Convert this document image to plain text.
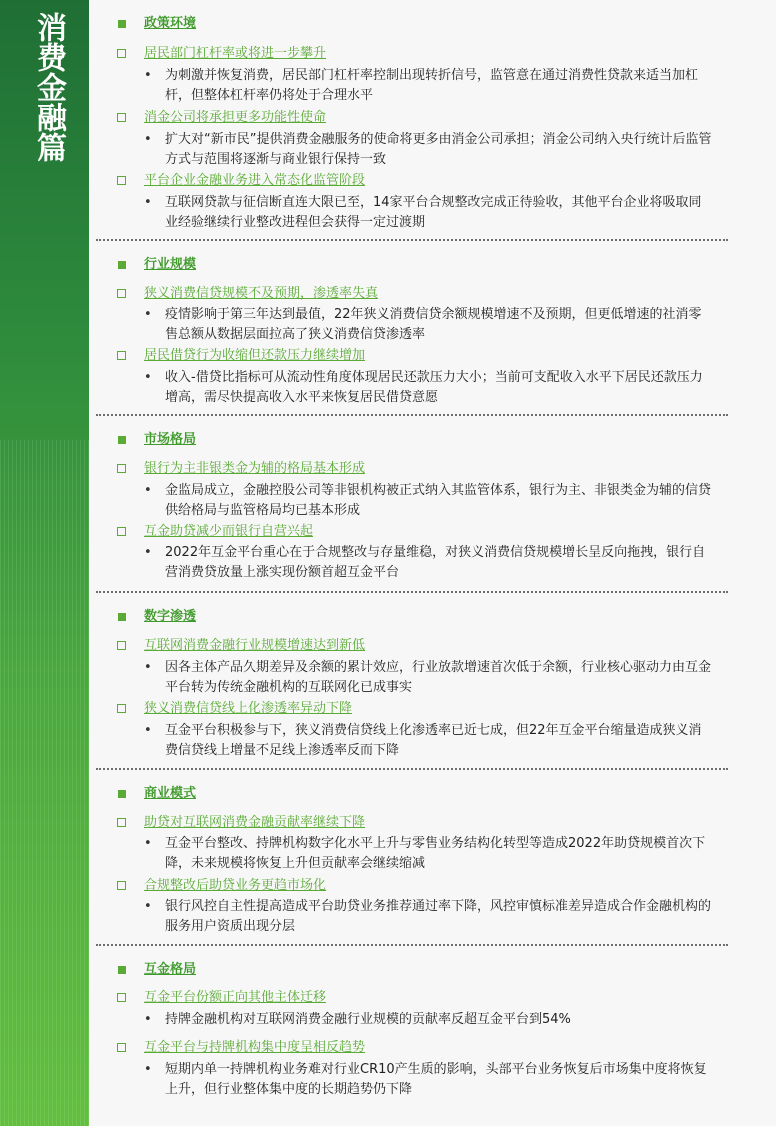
消费金融篇	政策环境
居民部门杠杆率或将进一步攀升
• 为刺激并恢复消费，居民部门杠杆率控制出现转折信号，监管意在通过消费性贷款来适当加杠杆，但整体杠杆率仍将处于合理水平
消金公司将承担更多功能性使命
• 扩大对“新市民”提供消费金融服务的使命将更多由消金公司承担；消金公司纳入央行统计后监管方式与范围将逐渐与商业银行保持一致
平台企业金融业务进入常态化监管阶段
• 互联网贷款与征信断直连大限已至，14家平台合规整改完成正待验收，其他平台企业将吸取同业经验继续行业整改进程但会获得一定过渡期
行业规模
狭义消费信贷规模不及预期，渗透率失真
• 疫情影响于第三年达到最值，22年狭义消费信贷余额规模增速不及预期，但更低增速的社消零售总额从数据层面拉高了狭义消费信贷渗透率
居民借贷行为收缩但还款压力继续增加
• 收入-借贷比指标可从流动性角度体现居民还款压力大小；当前可支配收入水平下居民还款压力增高，需尽快提高收入水平来恢复居民借贷意愿
市场格局
银行为主非银类金为辅的格局基本形成
• 金监局成立，金融控股公司等非银机构被正式纳入其监管体系，银行为主、非银类金为辅的信贷供给格局与监管格局均已基本形成
互金助贷减少而银行自营兴起
• 2022年互金平台重心在于合规整改与存量维稳，对狭义消费信贷规模增长呈反向拖拽，银行自营消费贷放量上涨实现份额首超互金平台
数字渗透
互联网消费金融行业规模增速达到新低
• 因各主体产品久期差异及余额的累计效应，行业放款增速首次低于余额，行业核心驱动力由互金平台转为传统金融机构的互联网化已成事实
狭义消费信贷线上化渗透率异动下降
• 互金平台积极参与下，狭义消费信贷线上化渗透率已近七成，但22年互金平台缩量造成狭义消费信贷线上增量不足线上渗透率反而下降
商业模式
助贷对互联网消费金融贡献率继续下降
• 互金平台整改、持牌机构数字化水平上升与零售业务结构化转型等造成2022年助贷规模首次下降，未来规模将恢复上升但贡献率会继续缩减
合规整改后助贷业务更趋市场化
• 银行风控自主性提高造成平台助贷业务推荐通过率下降，风控审慎标准差异造成合作金融机构的服务用户资质出现分层
互金格局
互金平台份额正向其他主体迁移
• 持牌金融机构对互联网消费金融行业规模的贡献率反超互金平台到54%
互金平台与持牌机构集中度呈相反趋势
• 短期内单一持牌机构业务难对行业CR10产生质的影响，头部平台业务恢复后市场集中度将恢复上升，但行业整体集中度的长期趋势仍下降
